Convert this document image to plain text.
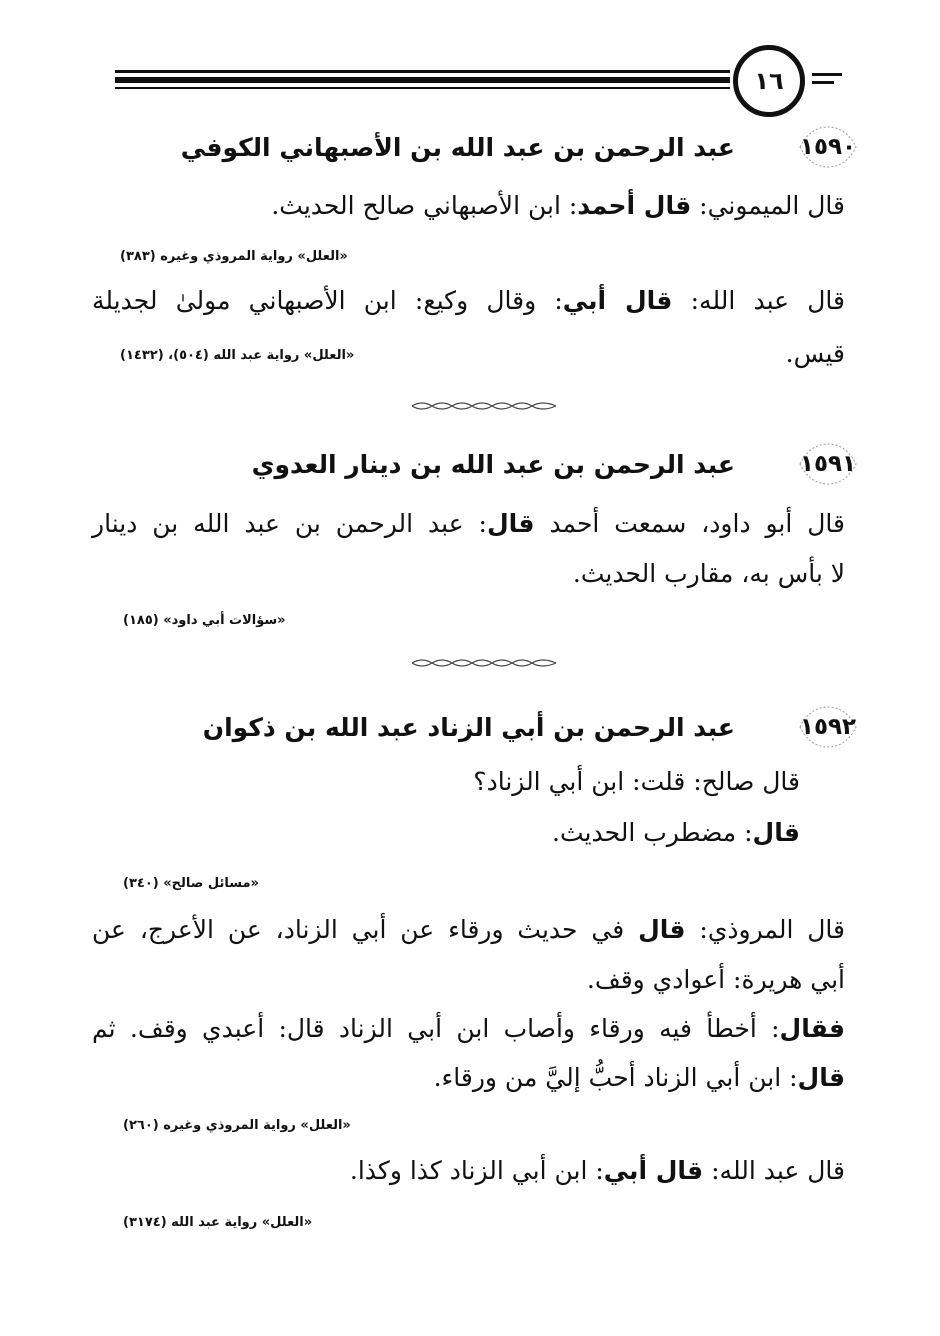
١٦
١٥٩٠
عبد الرحمن بن عبد الله بن الأصبهاني الكوفي
قال الميموني: قال أحمد: ابن الأصبهاني صالح الحديث.
«العلل» رواية المروذي وغيره (٣٨٣)
قال عبد الله: قال أبي: وقال وكيع: ابن الأصبهاني مولىٰ لجديلة
قيس.
«العلل» رواية عبد الله (٥٠٤)، (١٤٣٢)
١٥٩١
عبد الرحمن بن عبد الله بن دينار العدوي
قال أبو داود، سمعت أحمد قال: عبد الرحمن بن عبد الله بن دينار
لا بأس به، مقارب الحديث.
«سؤالات أبي داود» (١٨٥)
١٥٩٢
عبد الرحمن بن أبي الزناد عبد الله بن ذكوان
قال صالح: قلت: ابن أبي الزناد؟
قال: مضطرب الحديث.
«مسائل صالح» (٣٤٠)
قال المروذي: قال في حديث ورقاء عن أبي الزناد، عن الأعرج، عن
أبي هريرة: أعوادي وقف.
فقال: أخطأ فيه ورقاء وأصاب ابن أبي الزناد قال: أعبدي وقف. ثم
قال: ابن أبي الزناد أحبُّ إليَّ من ورقاء.
«العلل» رواية المروذي وغيره (٢٦٠)
قال عبد الله: قال أبي: ابن أبي الزناد كذا وكذا.
«العلل» رواية عبد الله (٣١٧٤)
